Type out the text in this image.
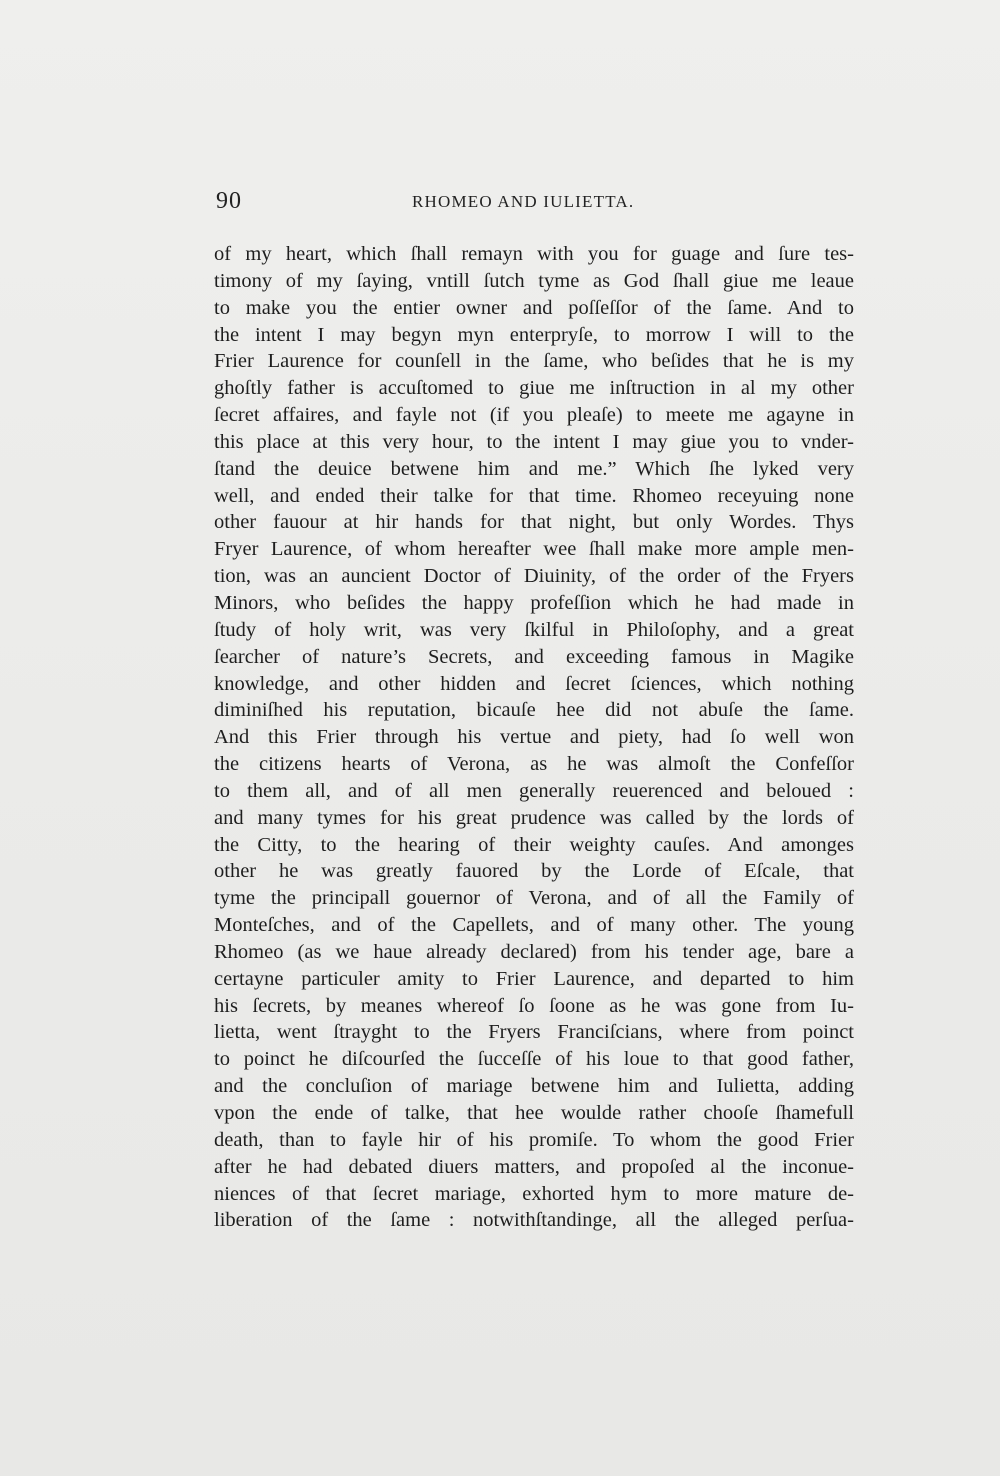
90	RHOMEO AND IULIETTA.
of my heart, which ſhall remayn with you for guage and ſure tes-
timony of my ſaying, vntill ſutch tyme as God ſhall giue me leaue
to make you the entier owner and poſſeſſor of the ſame. And to
the intent I may begyn myn enterpryſe, to morrow I will to the
Frier Laurence for counſell in the ſame, who beſides that he is my
ghoſtly father is accuſtomed to giue me inſtruction in al my other
ſecret affaires, and fayle not (if you pleaſe) to meete me agayne in
this place at this very hour, to the intent I may giue you to vnder-
ſtand the deuice betwene him and me.” Which ſhe lyked very
well, and ended their talke for that time. Rhomeo receyuing none
other fauour at hir hands for that night, but only Wordes. Thys
Fryer Laurence, of whom hereafter wee ſhall make more ample men-
tion, was an auncient Doctor of Diuinity, of the order of the Fryers
Minors, who beſides the happy profeſſion which he had made in
ſtudy of holy writ, was very ſkilful in Philoſophy, and a great
ſearcher of nature’s Secrets, and exceeding famous in Magike
knowledge, and other hidden and ſecret ſciences, which nothing
diminiſhed his reputation, bicauſe hee did not abuſe the ſame.
And this Frier through his vertue and piety, had ſo well won
the citizens hearts of Verona, as he was almoſt the Confeſſor
to them all, and of all men generally reuerenced and beloued :
and many tymes for his great prudence was called by the lords of
the Citty, to the hearing of their weighty cauſes. And amonges
other he was greatly fauored by the Lorde of Eſcale, that
tyme the principall gouernor of Verona, and of all the Family of
Monteſches, and of the Capellets, and of many other. The young
Rhomeo (as we haue already declared) from his tender age, bare a
certayne particuler amity to Frier Laurence, and departed to him
his ſecrets, by meanes whereof ſo ſoone as he was gone from Iu-
lietta, went ſtrayght to the Fryers Franciſcians, where from poinct
to poinct he diſcourſed the ſucceſſe of his loue to that good father,
and the concluſion of mariage betwene him and Iulietta, adding
vpon the ende of talke, that hee woulde rather chooſe ſhamefull
death, than to fayle hir of his promiſe. To whom the good Frier
after he had debated diuers matters, and propoſed al the inconue-
niences of that ſecret mariage, exhorted hym to more mature de-
liberation of the ſame : notwithſtandinge, all the alleged perſua-
